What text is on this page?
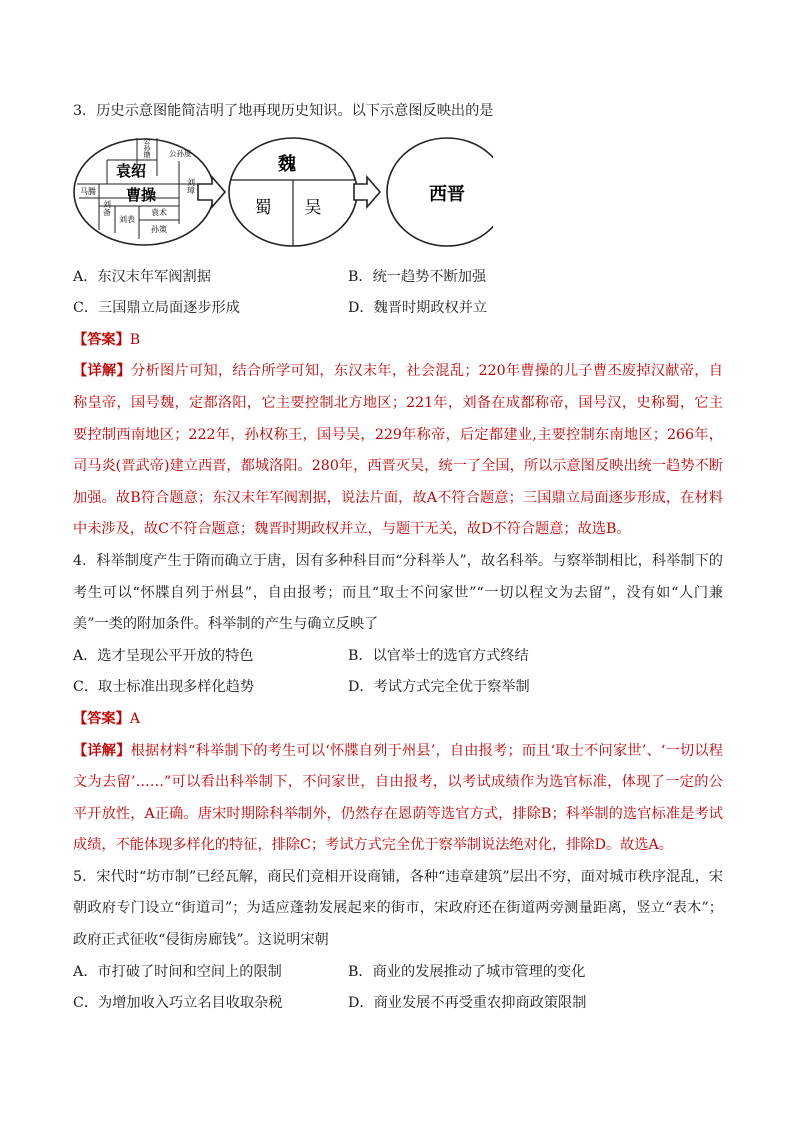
3．历史示意图能简洁明了地再现历史知识。以下示意图反映出的是
袁绍
曹操
公孙瓒 公孙度
马腾	刘璋
刘表
袁术
孙策
刘备
魏
蜀 吴
西晋
A．东汉末年军阀割据	B．统一趋势不断加强
C．三国鼎立局面逐步形成	D．魏晋时期政权并立
【答案】B
【详解】分析图片可知，结合所学可知，东汉末年，社会混乱；220年曹操的儿子曹丕废掉汉献帝，自称皇帝，国号魏，定都洛阳，它主要控制北方地区；221年，刘备在成都称帝，国号汉，史称蜀，它主要控制西南地区；222年，孙权称王，国号吴，229年称帝，后定都建业,主要控制东南地区；266年，司马炎(晋武帝)建立西晋，都城洛阳。280年，西晋灭吴，统一了全国，所以示意图反映出统一趋势不断加强。故B符合题意；东汉末年军阀割据，说法片面，故A不符合题意；三国鼎立局面逐步形成，在材料中未涉及，故C不符合题意；魏晋时期政权并立，与题干无关，故D不符合题意；故选B。
4．科举制度产生于隋而确立于唐，因有多种科目而“分科举人”，故名科举。与察举制相比，科举制下的考生可以“怀牒自列于州县”，自由报考；而且“取士不问家世”“一切以程文为去留”，没有如“人门兼美”一类的附加条件。科举制的产生与确立反映了
A．选才呈现公平开放的特色	B．以官举士的选官方式终结
C．取士标准出现多样化趋势	D．考试方式完全优于察举制
【答案】A
【详解】根据材料“科举制下的考生可以‘怀牒自列于州县’，自由报考；而且‘取士不问家世’、‘一切以程文为去留’……”可以看出科举制下，不问家世，自由报考，以考试成绩作为选官标准，体现了一定的公平开放性，A正确。唐宋时期除科举制外，仍然存在恩荫等选官方式，排除B；科举制的选官标准是考试成绩，不能体现多样化的特征，排除C；考试方式完全优于察举制说法绝对化，排除D。故选A。
5．宋代时“坊市制”已经瓦解，商民们竞相开设商铺，各种“违章建筑”层出不穷，面对城市秩序混乱，宋朝政府专门设立“街道司”；为适应蓬勃发展起来的街市，宋政府还在街道两旁测量距离，竖立“表木”；政府正式征收“侵街房廊钱”。这说明宋朝
A．市打破了时间和空间上的限制	B．商业的发展推动了城市管理的变化
C．为增加收入巧立名目收取杂税	D．商业发展不再受重农抑商政策限制
